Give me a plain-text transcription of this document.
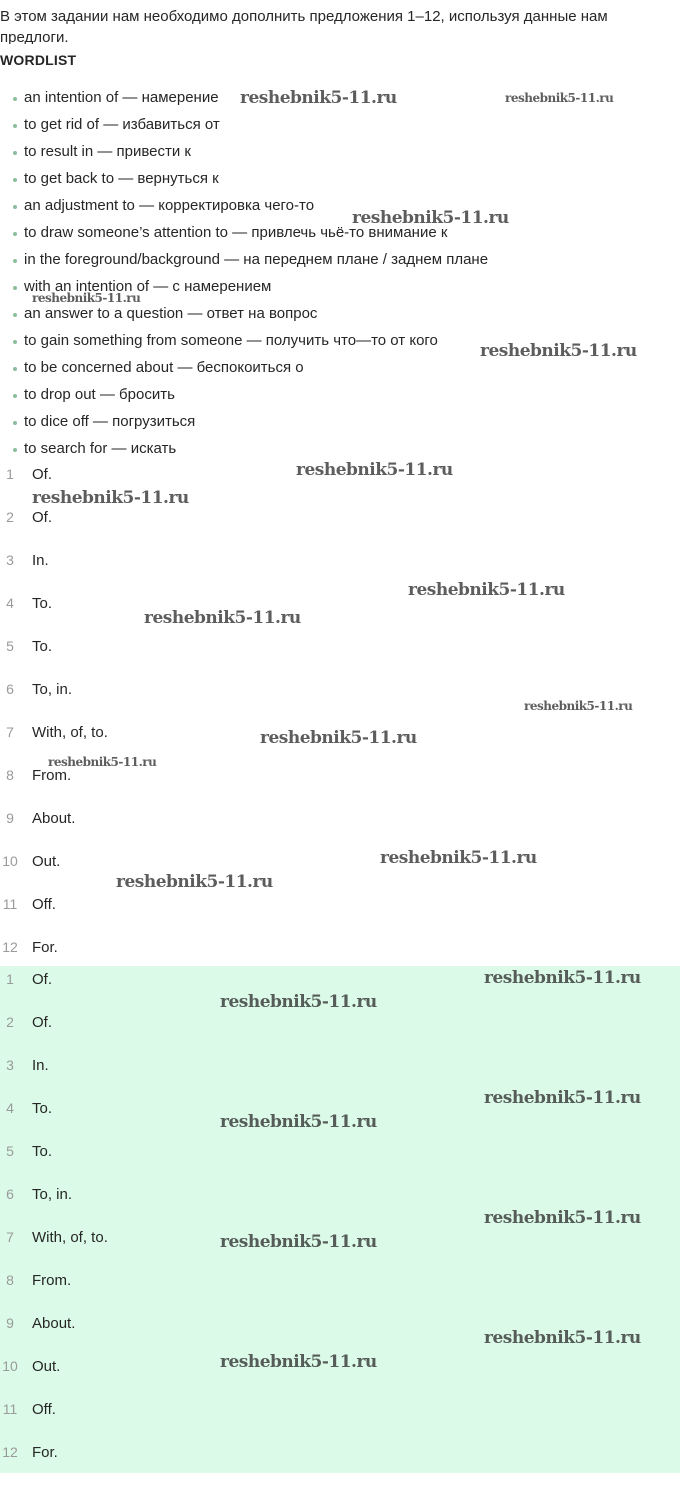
В этом задании нам необходимо дополнить предложения 1–12, используя данные нам предлоги.

WORDLIST
an intention of — намерение
to get rid of — избавиться от
to result in — привести к
to get back to — вернуться к
an adjustment to — корректировка чего-то
to draw someone’s attention to — привлечь чьё-то внимание к
in the foreground/background — на переднем плане / заднем плане
with an intention of — с намерением
an answer to a question — ответ на вопрос
to gain something from someone — получить что—то от кого
to be concerned about — беспокоиться о
to drop out — бросить
to dice off — погрузиться
to search for — искать
1	Of.
2	Of.
3	In.
4	To.
5	To.
6	To, in.
7	With, of, to.
8	From.
9	About.
10 Out.
11 Off.
12 For.
1	Of.
2	Of.
3	In.
4	To.
5	To.
6	To, in.
7	With, of, to.
8	From.
9	About.
10 Out.
11 Off.
12 For.
reshebnik5-11.ru	reshebnik5-11.ru
reshebnik5-11.ru
reshebnik5-11.ru
reshebnik5-11.ru
reshebnik5-11.ru
reshebnik5-11.ru
reshebnik5-11.ru
reshebnik5-11.ru
reshebnik5-11.ru
reshebnik5-11.ru
reshebnik5-11.ru
reshebnik5-11.ru
reshebnik5-11.ru
reshebnik5-11.ru
reshebnik5-11.ru
reshebnik5-11.ru
reshebnik5-11.ru
reshebnik5-11.ru
reshebnik5-11.ru
reshebnik5-11.ru
reshebnik5-11.ru
